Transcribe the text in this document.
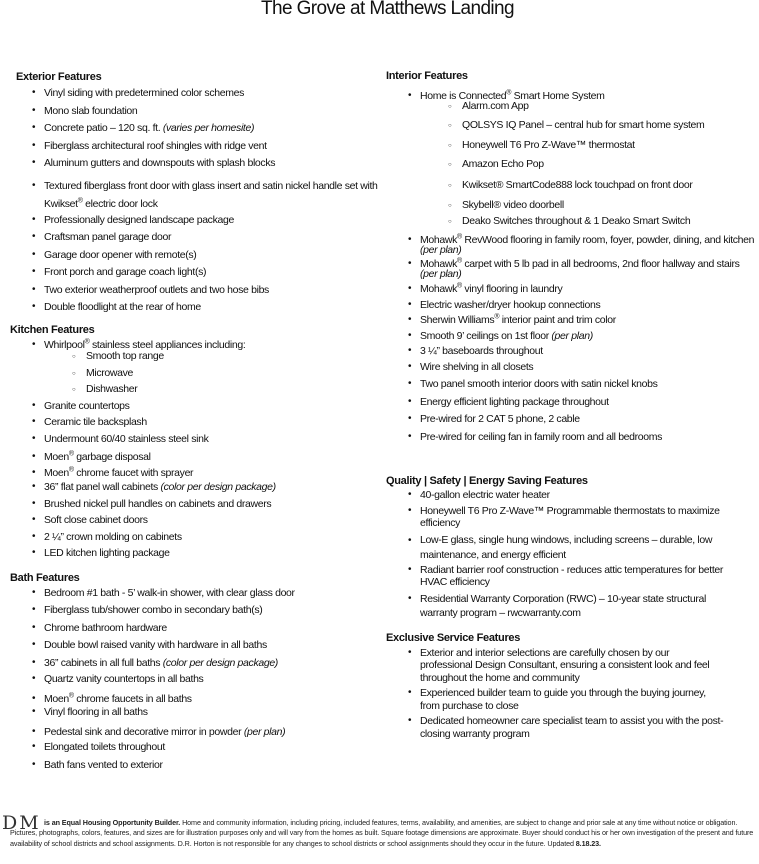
The Grove at Matthews Landing
Exterior Features
• Vinyl siding with predetermined color schemes
• Mono slab foundation
• Concrete patio – 120 sq. ft. (varies per homesite)
• Fiberglass architectural roof shingles with ridge vent
• Aluminum gutters and downspouts with splash blocks
• Textured fiberglass front door with glass insert and satin nickel handle set with Kwikset® electric door lock
• Professionally designed landscape package
• Craftsman panel garage door
• Garage door opener with remote(s)
• Front porch and garage coach light(s)
• Two exterior weatherproof outlets and two hose bibs
• Double floodlight at the rear of home
Kitchen Features
• Whirlpool® stainless steel appliances including:
○ Smooth top range
○ Microwave
○ Dishwasher
• Granite countertops
• Ceramic tile backsplash
• Undermount 60/40 stainless steel sink
• Moen® garbage disposal
• Moen® chrome faucet with sprayer
• 36” flat panel wall cabinets (color per design package)
• Brushed nickel pull handles on cabinets and drawers
• Soft close cabinet doors
• 2 ¼” crown molding on cabinets
• LED kitchen lighting package
Bath Features
• Bedroom #1 bath - 5’ walk-in shower, with clear glass door
• Fiberglass tub/shower combo in secondary bath(s)
• Chrome bathroom hardware
• Double bowl raised vanity with hardware in all baths
• 36” cabinets in all full baths (color per design package)
• Quartz vanity countertops in all baths
• Moen® chrome faucets in all baths
• Vinyl flooring in all baths
• Pedestal sink and decorative mirror in powder (per plan)
• Elongated toilets throughout
• Bath fans vented to exterior
Interior Features
• Home is Connected® Smart Home System
○ Alarm.com App
○ QOLSYS IQ Panel – central hub for smart home system
○ Honeywell T6 Pro Z-Wave™ thermostat
○ Amazon Echo Pop
○ Kwikset® SmartCode888 lock touchpad on front door
○ Skybell® video doorbell
○ Deako Switches throughout & 1 Deako Smart Switch
• Mohawk® RevWood flooring in family room, foyer, powder, dining, and kitchen (per plan)
• Mohawk® carpet with 5 lb pad in all bedrooms, 2nd floor hallway and stairs (per plan)
• Mohawk® vinyl flooring in laundry
• Electric washer/dryer hookup connections
• Sherwin Williams® interior paint and trim color
• Smooth 9’ ceilings on 1st floor (per plan)
• 3 ¼” baseboards throughout
• Wire shelving in all closets
• Two panel smooth interior doors with satin nickel knobs
• Energy efficient lighting package throughout
• Pre-wired for 2 CAT 5 phone, 2 cable
• Pre-wired for ceiling fan in family room and all bedrooms
Quality | Safety | Energy Saving Features
• 40-gallon electric water heater
• Honeywell T6 Pro Z-Wave™ Programmable thermostats to maximize efficiency
• Low-E glass, single hung windows, including screens – durable, low maintenance, and energy efficient
• Radiant barrier roof construction - reduces attic temperatures for better HVAC efficiency
• Residential Warranty Corporation (RWC) – 10-year state structural warranty program – rwcwarranty.com
Exclusive Service Features
• Exterior and interior selections are carefully chosen by our professional Design Consultant, ensuring a consistent look and feel throughout the home and community
• Experienced builder team to guide you through the buying journey, from purchase to close
• Dedicated homeowner care specialist team to assist you with the post-closing warranty program
DM is an Equal Housing Opportunity Builder. Home and community information, including pricing, included features, terms, availability, and amenities, are subject to change and prior sale at any time without notice or obligation. Pictures, photographs, colors, features, and sizes are for illustration purposes only and will vary from the homes as built. Square footage dimensions are approximate. Buyer should conduct his or her own investigation of the present and future availability of school districts and school assignments. D.R. Horton is not responsible for any changes to school districts or school assignments should they occur in the future. Updated 8.18.23.
